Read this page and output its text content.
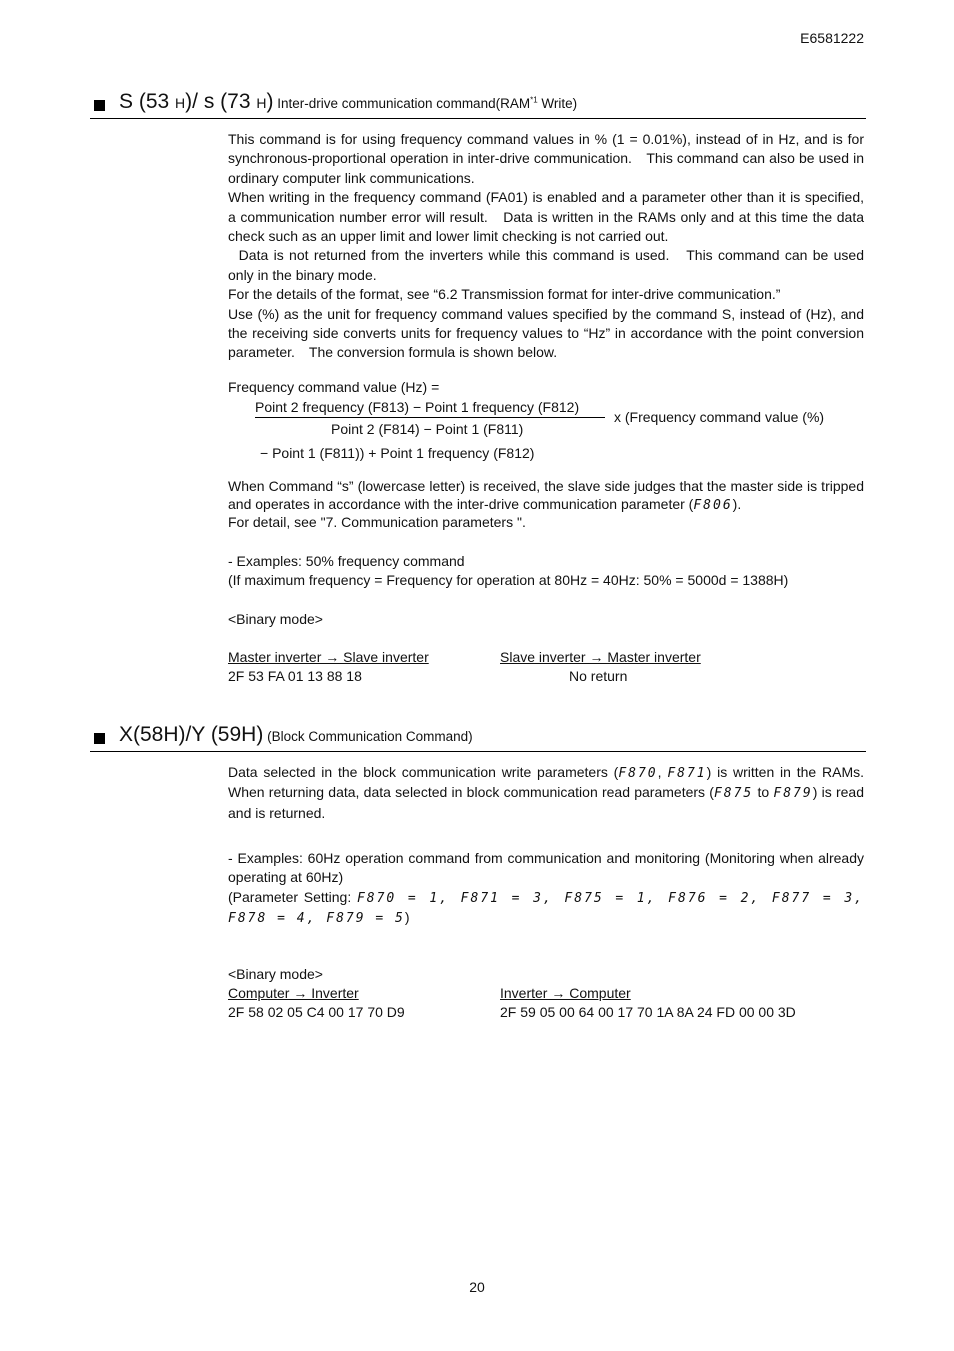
E6581222
S (53 H)/ s (73 H) Inter-drive communication command(RAM$^{*1}$ Write)

This command is for using frequency command values in % (1 = 0.01%), instead of in Hz, and is for synchronous-proportional operation in inter-drive communication.　This command can also be used in ordinary computer link communications.

When writing in the frequency command (FA01) is enabled and a parameter other than it is specified, a communication number error will result.　Data is written in the RAMs only and at this time the data check such as an upper limit and lower limit checking is not carried out.

Data is not returned from the inverters while this command is used.　This command can be used only in the binary mode.

For the details of the format, see “6.2 Transmission format for inter-drive communication.”

Use (%) as the unit for frequency command values specified by the command S, instead of (Hz), and the receiving side converts units for frequency values to “Hz” in accordance with the point conversion parameter.　The conversion formula is shown below.

Frequency command value (Hz) =
Point 2 frequency (F813) − Point 1 frequency (F812)
Point 2 (F814) − Point 1 (F811)
x (Frequency command value (%)
− Point 1 (F811)) + Point 1 frequency (F812)
When Command “s” (lowercase letter) is received, the slave side judges that the master side is tripped and operates in accordance with the inter-drive communication parameter (F806).
For detail, see "7. Communication parameters ".
- Examples: 50% frequency command
(If maximum frequency = Frequency for operation at 80Hz = 40Hz: 50% = 5000d = 1388H)
<Binary mode>
Master inverter → Slave inverter	Slave inverter → Master inverter
2F 53 FA 01 13 88 18	No return
X(58H)/Y (59H) (Block Communication Command)
Data selected in the block communication write parameters (F870, F871) is written in the RAMs.　When returning data, data selected in block communication read parameters (F875 to F879) is read and is returned.

- Examples: 60Hz operation command from communication and monitoring (Monitoring when already operating at 60Hz)

(Parameter Setting: F870 = 1, F871 = 3, F875 = 1, F876 = 2, F877 = 3, F878 = 4, F879 = 5)

<Binary mode>
Computer → Inverter	Inverter → Computer
2F 58 02 05 C4 00 17 70 D9	2F 59 05 00 64 00 17 70 1A 8A 24 FD 00 00 3D
20
